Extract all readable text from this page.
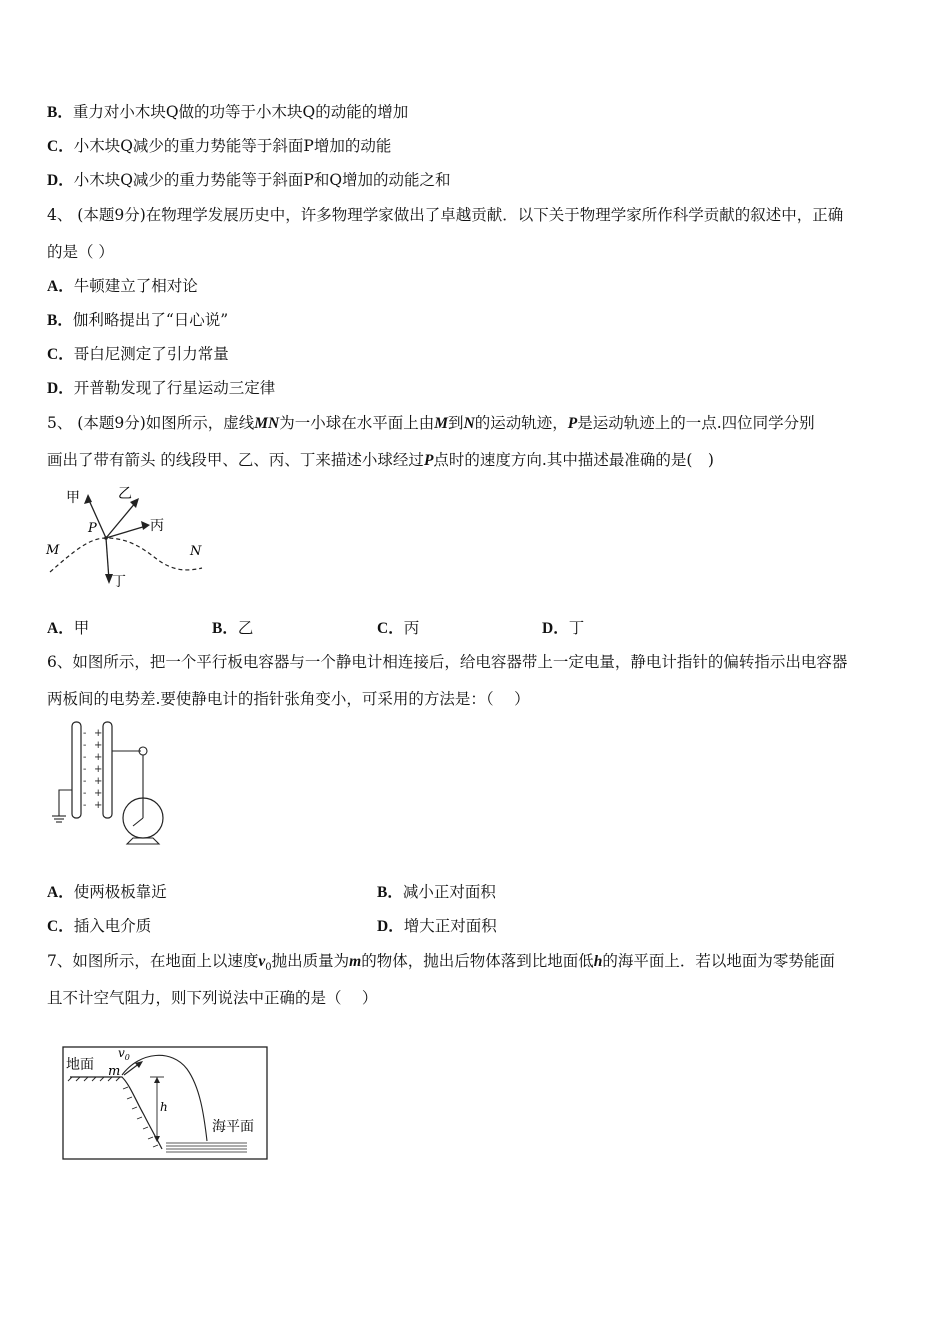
B．重力对小木块Q做的功等于小木块Q的动能的增加
C．小木块Q减少的重力势能等于斜面P增加的动能
D．小木块Q减少的重力势能等于斜面P和Q增加的动能之和
4、 (本题9分)在物理学发展历史中，许多物理学家做出了卓越贡献．以下关于物理学家所作科学贡献的叙述中，正确
的是（ ）
A．牛顿建立了相对论
B．伽利略提出了“日心说”
C．哥白尼测定了引力常量
D．开普勒发现了行星运动三定律
5、 (本题9分)如图所示，虚线MN为一小球在水平面上由M到N的运动轨迹，P是运动轨迹上的一点.四位同学分别
画出了带有箭头 的线段甲、乙、丙、丁来描述小球经过P点时的速度方向.其中描述最准确的是(　)
甲	乙
丙
丁
P
M	N
A．甲	B．乙	C．丙	D．丁
6、如图所示，把一个平行板电容器与一个静电计相连接后，给电容器带上一定电量，静电计指针的偏转指示出电容器
两板间的电势差.要使静电计的指针张角变小，可采用的方法是：（　 ）
-
-
-
-
-
-
-
+
+
+
+
+
+
+
A．使两极板靠近	B．减小正对面积
C．插入电介质	D．增大正对面积
7、如图所示，在地面上以速度$v_0$抛出质量为m的物体，抛出后物体落到比地面低h的海平面上．若以地面为零势能面
且不计空气阻力，则下列说法中正确的是（　 ）
地面
海平面
$v_0$
m
h
